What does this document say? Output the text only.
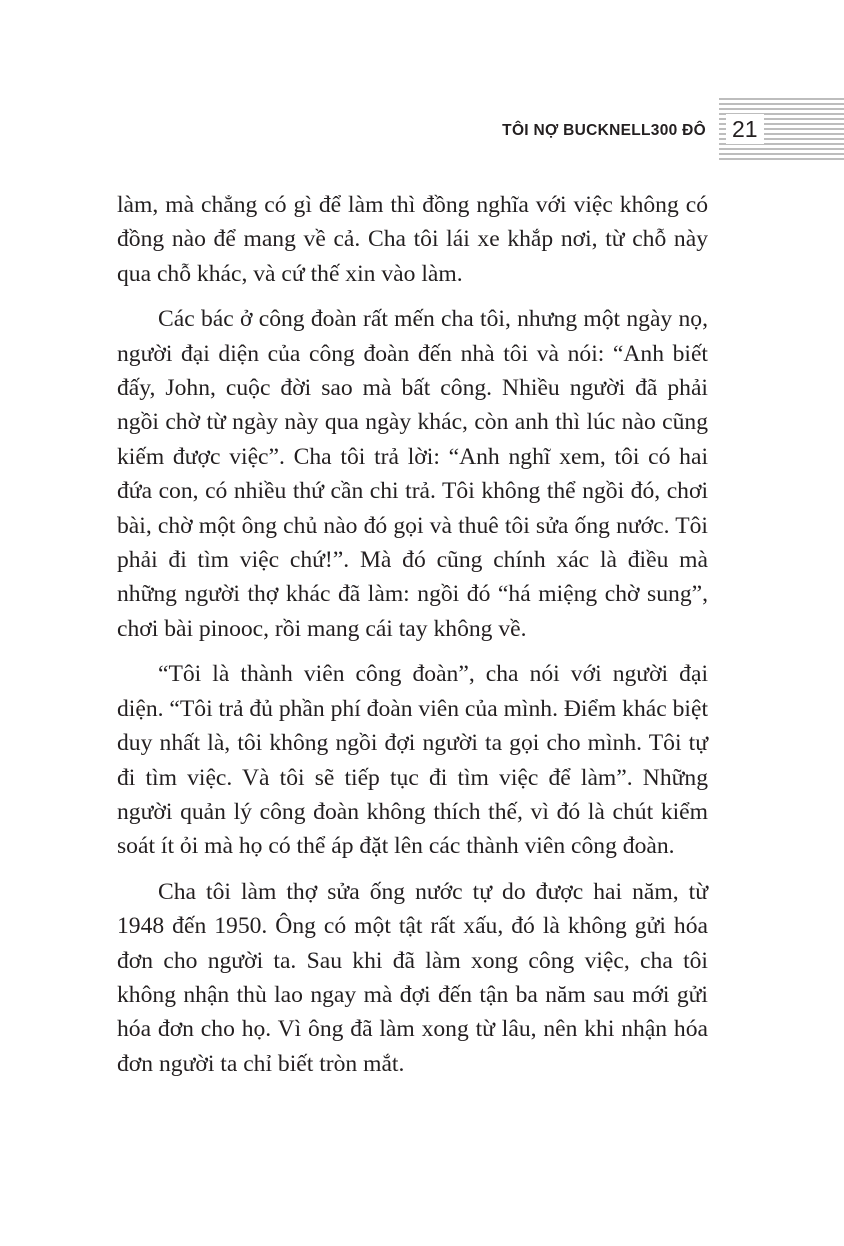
TÔI NỢ BUCKNELL300 ĐÔ 21

làm, mà chẳng có gì để làm thì đồng nghĩa với việc không có đồng nào để mang về cả. Cha tôi lái xe khắp nơi, từ chỗ này qua chỗ khác, và cứ thế xin vào làm.

Các bác ở công đoàn rất mến cha tôi, nhưng một ngày nọ, người đại diện của công đoàn đến nhà tôi và nói: “Anh biết đấy, John, cuộc đời sao mà bất công. Nhiều người đã phải ngồi chờ từ ngày này qua ngày khác, còn anh thì lúc nào cũng kiếm được việc”. Cha tôi trả lời: “Anh nghĩ xem, tôi có hai đứa con, có nhiều thứ cần chi trả. Tôi không thể ngồi đó, chơi bài, chờ một ông chủ nào đó gọi và thuê tôi sửa ống nước. Tôi phải đi tìm việc chứ!”. Mà đó cũng chính xác là điều mà những người thợ khác đã làm: ngồi đó “há miệng chờ sung”, chơi bài pinooc, rồi mang cái tay không về.

“Tôi là thành viên công đoàn”, cha nói với người đại diện. “Tôi trả đủ phần phí đoàn viên của mình. Điểm khác biệt duy nhất là, tôi không ngồi đợi người ta gọi cho mình. Tôi tự đi tìm việc. Và tôi sẽ tiếp tục đi tìm việc để làm”. Những người quản lý công đoàn không thích thế, vì đó là chút kiểm soát ít ỏi mà họ có thể áp đặt lên các thành viên công đoàn.

Cha tôi làm thợ sửa ống nước tự do được hai năm, từ 1948 đến 1950. Ông có một tật rất xấu, đó là không gửi hóa đơn cho người ta. Sau khi đã làm xong công việc, cha tôi không nhận thù lao ngay mà đợi đến tận ba năm sau mới gửi hóa đơn cho họ. Vì ông đã làm xong từ lâu, nên khi nhận hóa đơn người ta chỉ biết tròn mắt.
